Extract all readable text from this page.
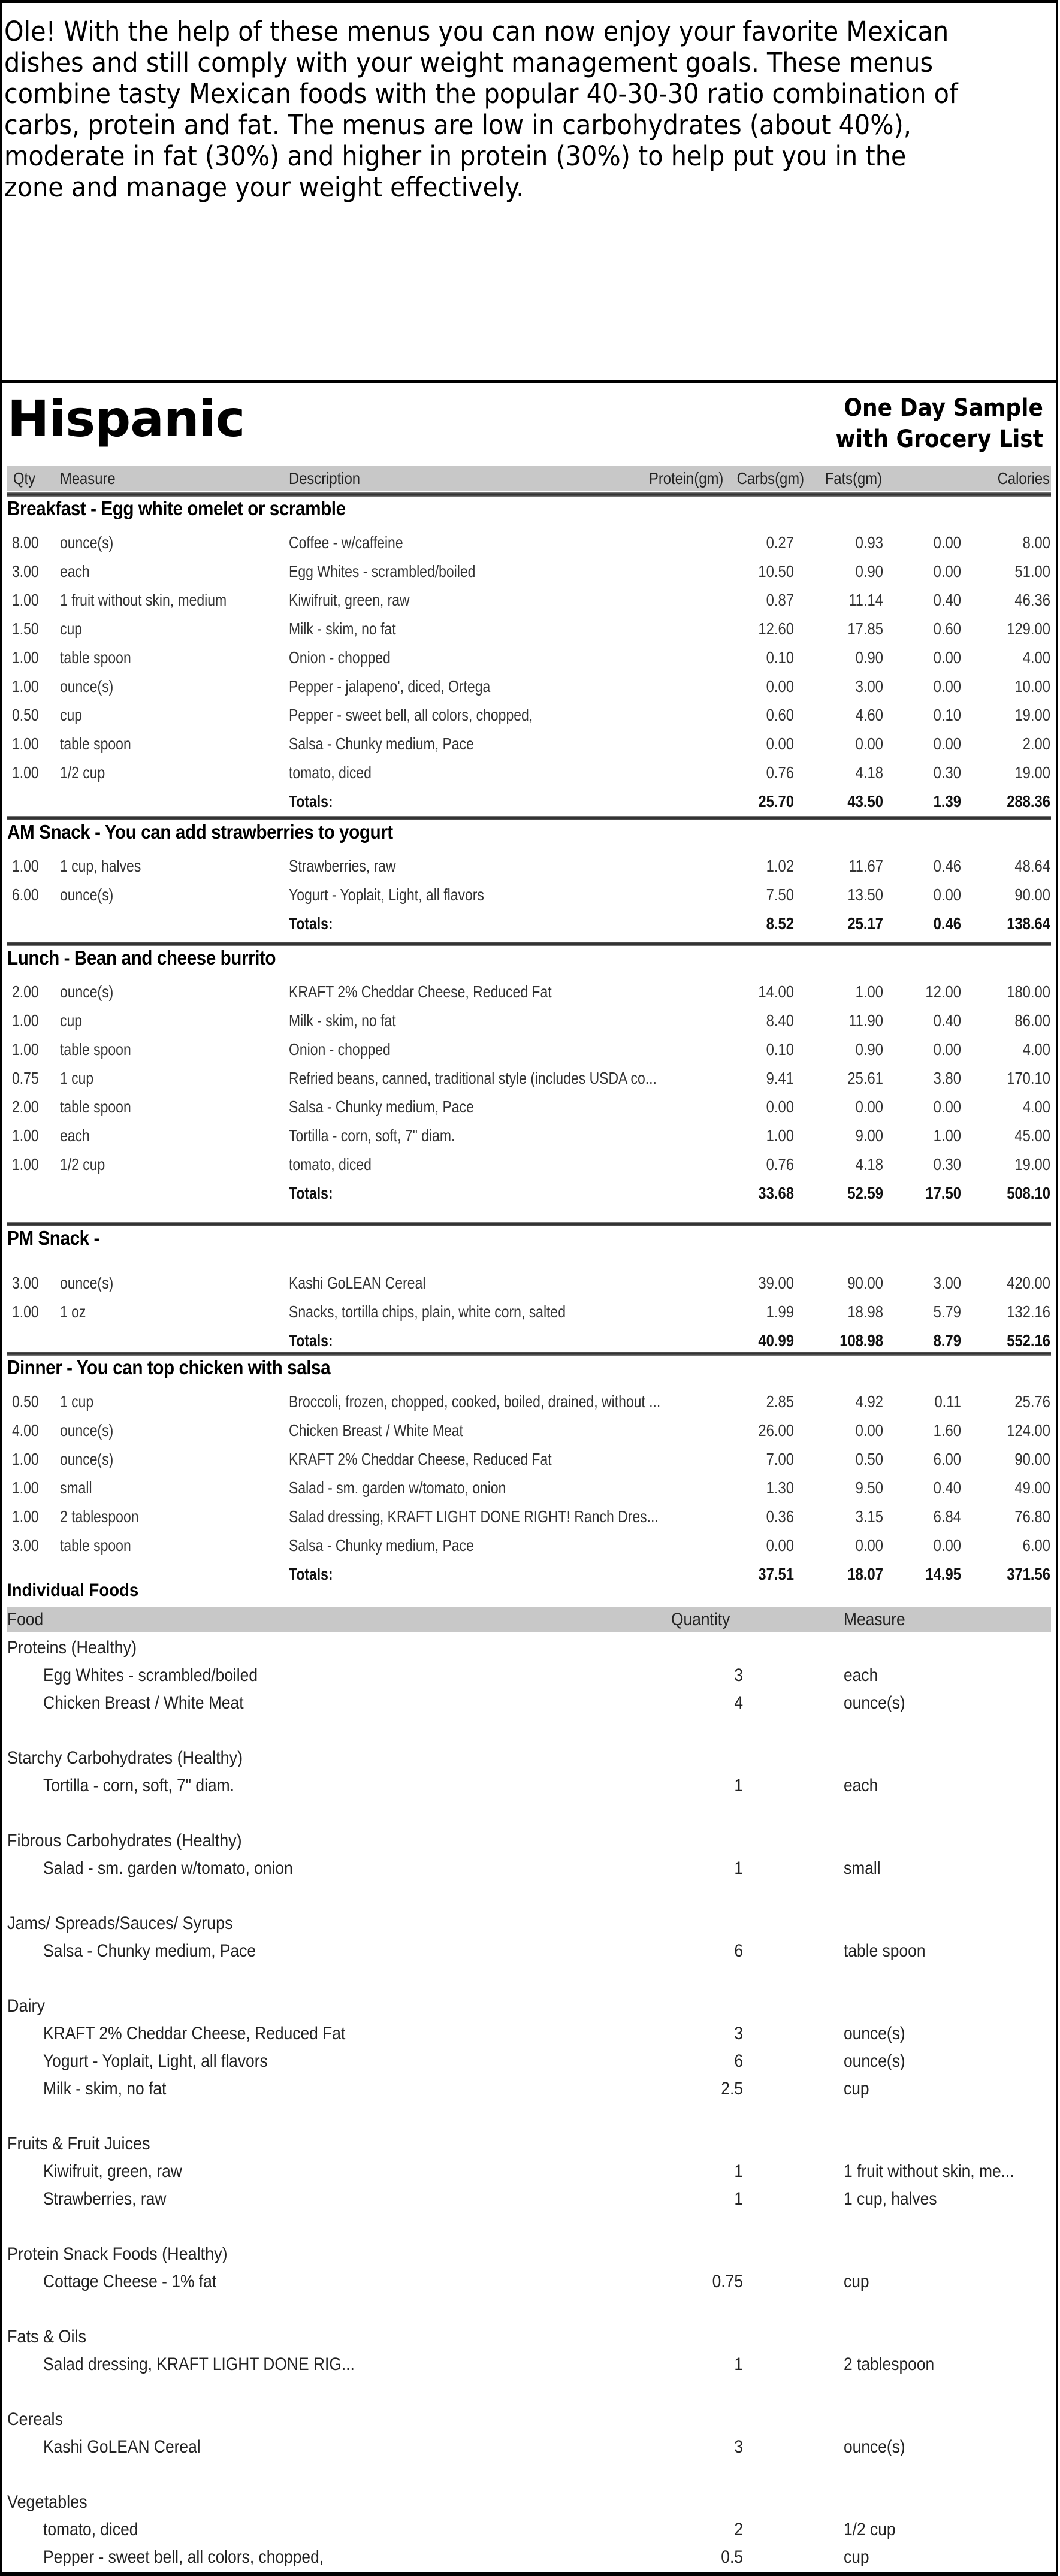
Ole! With the help of these menus you can now enjoy your favorite Mexican
dishes and still comply with your weight management goals. These menus
combine tasty Mexican foods with the popular 40-30-30 ratio combination of
carbs, protein and fat. The menus are low in carbohydrates (about 40%),
moderate in fat (30%) and higher in protein (30%) to help put you in the
zone and manage your weight effectively.
Hispanic	One Day Sample
with Grocery List
Qty Measure	Description	Protein(gm) Carbs(gm)	Fats(gm)	Calories
Breakfast - Egg white omelet or scramble
8.00	ounce(s)	Coffee - w/caffeine	0.27	0.93	0.00	8.00
3.00	each	Egg Whites - scrambled/boiled	10.50	0.90	0.00	51.00
1.00	1 fruit without skin, medium	Kiwifruit, green, raw	0.87	11.14	0.40	46.36
1.50	cup	Milk - skim, no fat	12.60	17.85	0.60	129.00
1.00	table spoon	Onion - chopped	0.10	0.90	0.00	4.00
1.00	ounce(s)	Pepper - jalapeno', diced, Ortega	0.00	3.00	0.00	10.00
0.50	cup	Pepper - sweet bell, all colors, chopped,	0.60	4.60	0.10	19.00
1.00	table spoon	Salsa - Chunky medium, Pace	0.00	0.00	0.00	2.00
1.00	1/2 cup	tomato, diced	0.76	4.18	0.30	19.00
Totals:	25.70	43.50	1.39	288.36
AM Snack - You can add strawberries to yogurt
1.00	1 cup, halves	Strawberries, raw	1.02	11.67	0.46	48.64
6.00	ounce(s)	Yogurt - Yoplait, Light, all flavors	7.50	13.50	0.00	90.00
Totals:	8.52	25.17	0.46	138.64
Lunch - Bean and cheese burrito
2.00	ounce(s)	KRAFT 2% Cheddar Cheese, Reduced Fat	14.00	1.00	12.00	180.00
1.00	cup	Milk - skim, no fat	8.40	11.90	0.40	86.00
1.00	table spoon	Onion - chopped	0.10	0.90	0.00	4.00
0.75	1 cup	Refried beans, canned, traditional style (includes USDA co...	9.41	25.61	3.80	170.10
2.00	table spoon	Salsa - Chunky medium, Pace	0.00	0.00	0.00	4.00
1.00	each	Tortilla - corn, soft, 7" diam.	1.00	9.00	1.00	45.00
1.00	1/2 cup	tomato, diced	0.76	4.18	0.30	19.00
Totals:	33.68	52.59	17.50	508.10
PM Snack -
3.00	ounce(s)	Kashi GoLEAN Cereal	39.00	90.00	3.00	420.00
1.00	1 oz	Snacks, tortilla chips, plain, white corn, salted	1.99	18.98	5.79	132.16
Totals:	40.99	108.98	8.79	552.16
Dinner - You can top chicken with salsa
0.50	1 cup	Broccoli, frozen, chopped, cooked, boiled, drained, without ...	2.85	4.92	0.11	25.76
4.00	ounce(s)	Chicken Breast / White Meat	26.00	0.00	1.60	124.00
1.00	ounce(s)	KRAFT 2% Cheddar Cheese, Reduced Fat	7.00	0.50	6.00	90.00
1.00	small	Salad - sm. garden w/tomato, onion	1.30	9.50	0.40	49.00
1.00	2 tablespoon	Salad dressing, KRAFT LIGHT DONE RIGHT! Ranch Dres...	0.36	3.15	6.84	76.80
3.00	table spoon	Salsa - Chunky medium, Pace	0.00	0.00	0.00	6.00
Totals:	37.51	18.07	14.95	371.56
Individual Foods
Food	Quantity	Measure
Proteins (Healthy)
Egg Whites - scrambled/boiled	3	each
Chicken Breast / White Meat	4	ounce(s)
Starchy Carbohydrates (Healthy)
Tortilla - corn, soft, 7" diam.	1	each
Fibrous Carbohydrates (Healthy)
Salad - sm. garden w/tomato, onion	1	small
Jams/ Spreads/Sauces/ Syrups
Salsa - Chunky medium, Pace	6	table spoon
Dairy
KRAFT 2% Cheddar Cheese, Reduced Fat	3	ounce(s)
Yogurt - Yoplait, Light, all flavors	6	ounce(s)
Milk - skim, no fat	2.5	cup
Fruits & Fruit Juices
Kiwifruit, green, raw	1	1 fruit without skin, me...
Strawberries, raw	1	1 cup, halves
Protein Snack Foods (Healthy)
Cottage Cheese - 1% fat	0.75	cup
Fats & Oils
Salad dressing, KRAFT LIGHT DONE RIG...	1	2 tablespoon
Cereals
Kashi GoLEAN Cereal	3	ounce(s)
Vegetables
tomato, diced	2	1/2 cup
Pepper - sweet bell, all colors, chopped,	0.5	cup
